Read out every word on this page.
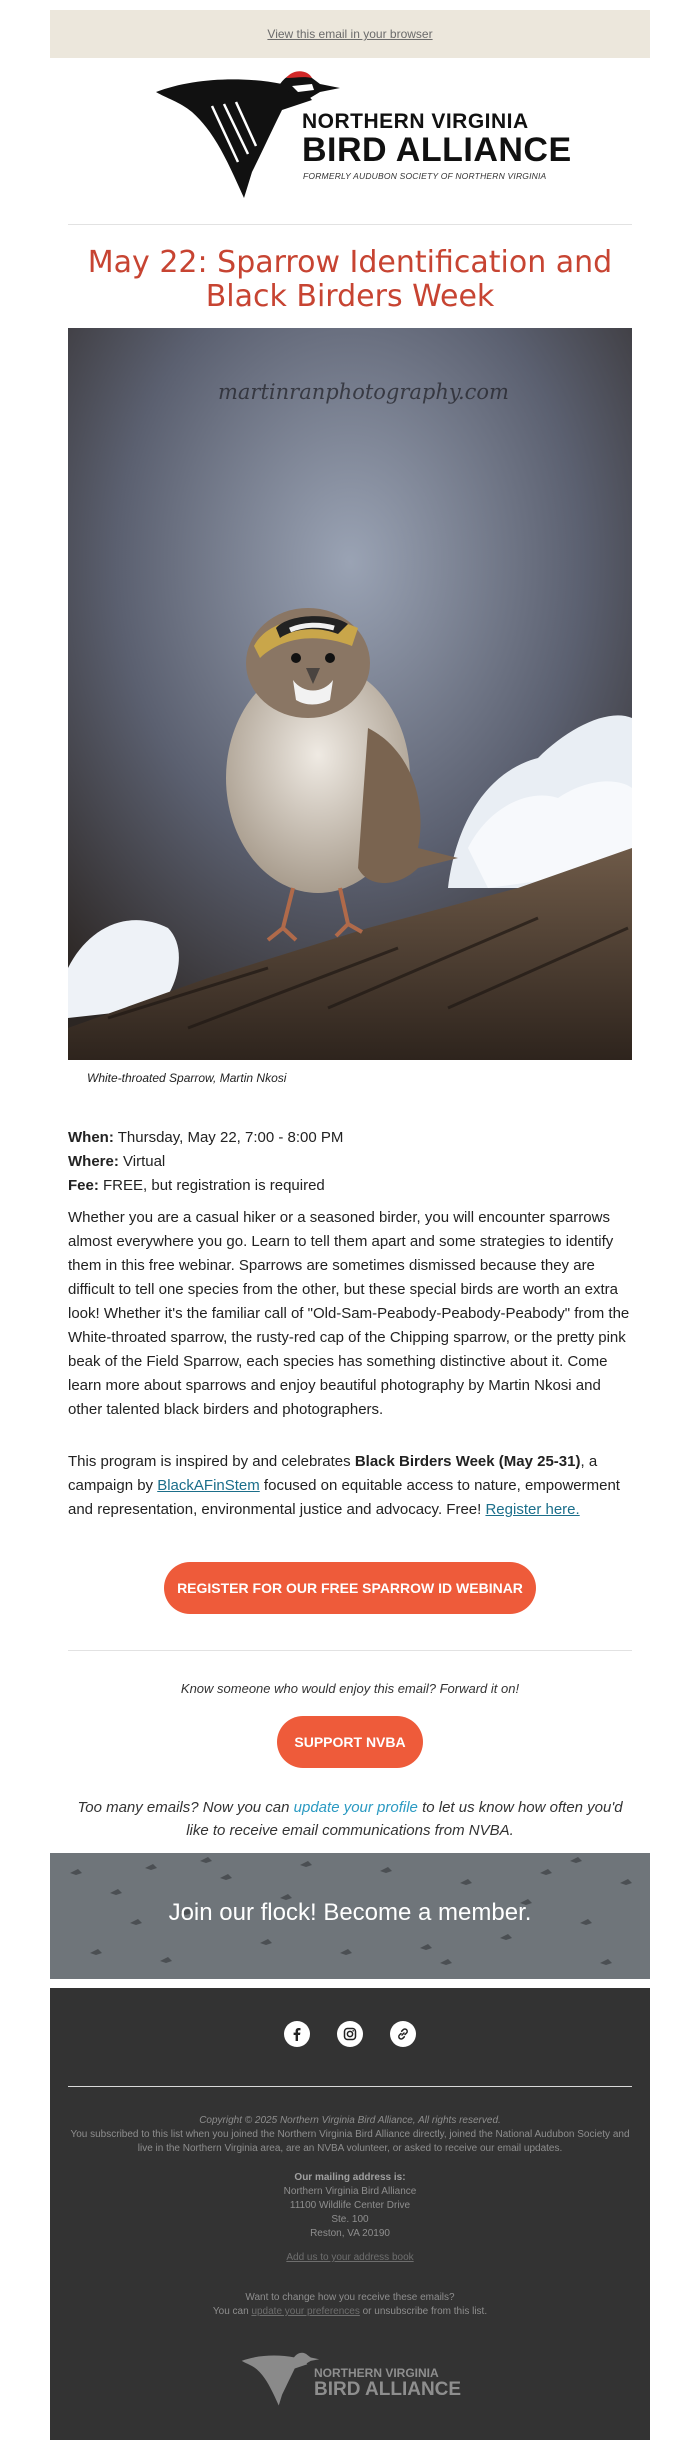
View this email in your browser
NORTHERN VIRGINIA
BIRD ALLIANCE
FORMERLY AUDUBON SOCIETY OF NORTHERN VIRGINIA
May 22: Sparrow Identification and Black Birders Week
martinranphotography.com
White-throated Sparrow, Martin Nkosi
When: Thursday, May 22, 7:00 - 8:00 PM
Where: Virtual
Fee: FREE, but registration is required
Whether you are a casual hiker or a seasoned birder, you will encounter sparrows almost everywhere you go. Learn to tell them apart and some strategies to identify them in this free webinar. Sparrows are sometimes dismissed because they are difficult to tell one species from the other, but these special birds are worth an extra look! Whether it's the familiar call of "Old-Sam-Peabody-Peabody-Peabody" from the White-throated sparrow, the rusty-red cap of the Chipping sparrow, or the pretty pink beak of the Field Sparrow, each species has something distinctive about it. Come learn more about sparrows and enjoy beautiful photography by Martin Nkosi and other talented black birders and photographers.
This program is inspired by and celebrates Black Birders Week (May 25-31), a campaign by BlackAFinStem focused on equitable access to nature, empowerment and representation, environmental justice and advocacy. Free! Register here.
REGISTER FOR OUR FREE SPARROW ID WEBINAR
Know someone who would enjoy this email? Forward it on!
SUPPORT NVBA
Too many emails? Now you can update your profile to let us know how often you'd like to receive email communications from NVBA.
Join our flock! Become a member.
Copyright © 2025 Northern Virginia Bird Alliance, All rights reserved.
You subscribed to this list when you joined the Northern Virginia Bird Alliance directly, joined the National Audubon Society and live in the Northern Virginia area, are an NVBA volunteer, or asked to receive our email updates.
Our mailing address is:
Northern Virginia Bird Alliance
11100 Wildlife Center Drive
Ste. 100
Reston, VA 20190
Add us to your address book
Want to change how you receive these emails?
You can update your preferences or unsubscribe from this list.
NORTHERN VIRGINIA
BIRD ALLIANCE
